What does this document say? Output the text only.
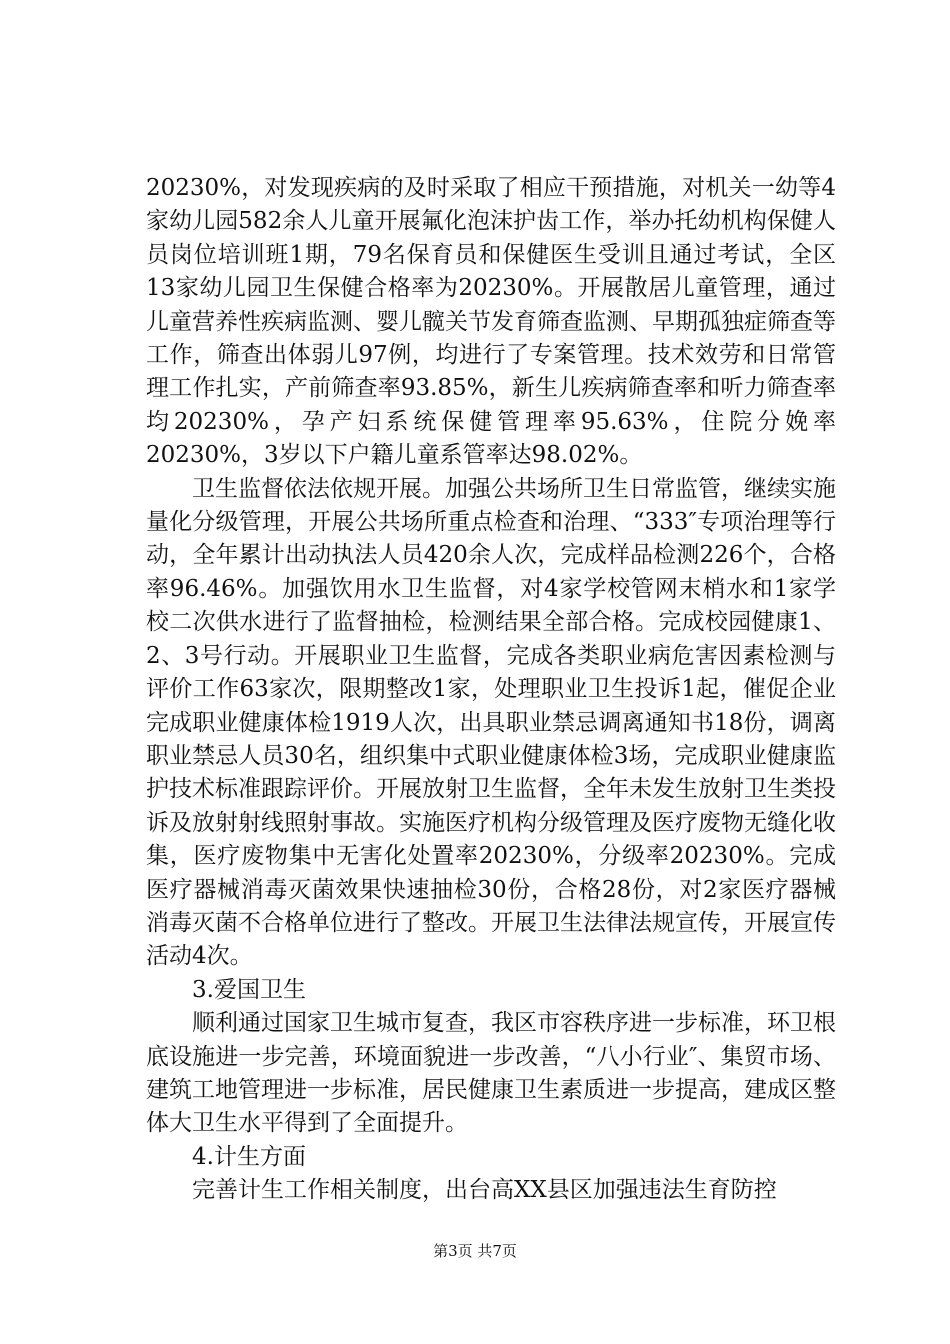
20230%，对发现疾病的及时采取了相应干预措施，对机关一幼等4家幼儿园582余人儿童开展氟化泡沫护齿工作，举办托幼机构保健人员岗位培训班1期，79名保育员和保健医生受训且通过考试，全区13家幼儿园卫生保健合格率为20230%。开展散居儿童管理，通过儿童营养性疾病监测、婴儿髋关节发育筛查监测、早期孤独症筛查等工作，筛查出体弱儿97例，均进行了专案管理。技术效劳和日常管理工作扎实，产前筛查率93.85%，新生儿疾病筛查率和听力筛查率均20230%，孕产妇系统保健管理率95.63%，住院分娩率20230%，3岁以下户籍儿童系管率达98.02%。

卫生监督依法依规开展。加强公共场所卫生日常监管，继续实施量化分级管理，开展公共场所重点检查和治理、“333″专项治理等行动，全年累计出动执法人员420余人次，完成样品检测226个，合格率96.46%。加强饮用水卫生监督，对4家学校管网末梢水和1家学校二次供水进行了监督抽检，检测结果全部合格。完成校园健康1、2、3号行动。开展职业卫生监督，完成各类职业病危害因素检测与评价工作63家次，限期整改1家，处理职业卫生投诉1起，催促企业完成职业健康体检1919人次，出具职业禁忌调离通知书18份，调离职业禁忌人员30名，组织集中式职业健康体检3场，完成职业健康监护技术标准跟踪评价。开展放射卫生监督，全年未发生放射卫生类投诉及放射射线照射事故。实施医疗机构分级管理及医疗废物无缝化收集，医疗废物集中无害化处置率20230%，分级率20230%。完成医疗器械消毒灭菌效果快速抽检30份，合格28份，对2家医疗器械消毒灭菌不合格单位进行了整改。开展卫生法律法规宣传，开展宣传活动4次。

3.爱国卫生

顺利通过国家卫生城市复查，我区市容秩序进一步标准，环卫根底设施进一步完善，环境面貌进一步改善，“八小行业″、集贸市场、建筑工地管理进一步标准，居民健康卫生素质进一步提高，建成区整体大卫生水平得到了全面提升。

4.计生方面

完善计生工作相关制度，出台高XX县区加强违法生育防控

第3页 共7页
